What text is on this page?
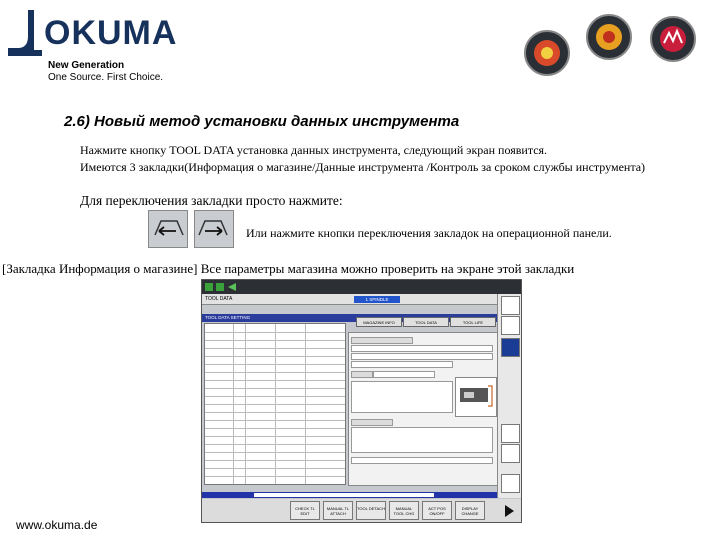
OKUMA
New Generation
One Source. First Choice.
2.6) Новый метод установки данных инструмента
Нажмите кнопку TOOL DATA установка данных инструмента, следующий экран появится.
Имеются 3 закладки(Информация о магазине/Данные инструмента /Контроль за сроком службы инструмента)
Для переключения закладки просто нажмите:
Или нажмите кнопки переключения закладок на операционной панели.
[Закладка Информация о магазине] Все параметры магазина можно проверить на экране этой закладки
TOOL DATA	1 SPINDLE
TOOL DATA SETTING
MAGAZINE INFO	TOOL DATA	TOOL LIFE
CHECK TL EDIT
MANUAL TL ATTACH
TOOL DETACH	MANUAL TOOL CHG
ACT POS ON/OFF
DISPLAY CHANGE
www.okuma.de
